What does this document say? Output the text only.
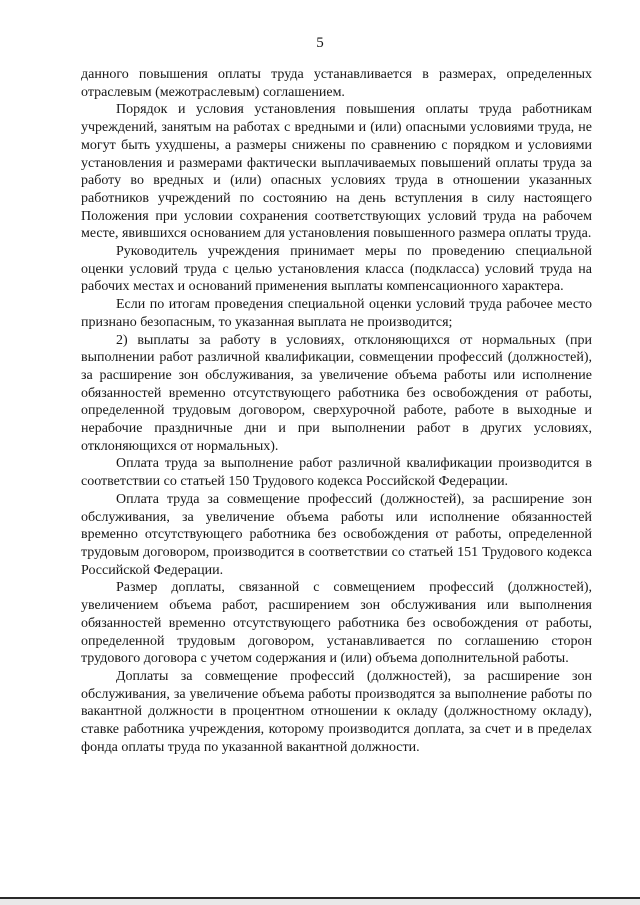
5

данного повышения оплаты труда устанавливается в размерах, определенных отраслевым (межотраслевым) соглашением.

Порядок и условия установления повышения оплаты труда работникам учреждений, занятым на работах с вредными и (или) опасными условиями труда, не могут быть ухудшены, а размеры снижены по сравнению с порядком и условиями установления и размерами фактически выплачиваемых повышений оплаты труда за работу во вредных и (или) опасных условиях труда в отношении указанных работников учреждений по состоянию на день вступления в силу настоящего Положения при условии сохранения соответствующих условий труда на рабочем месте, явившихся основанием для установления повышенного размера оплаты труда.

Руководитель учреждения принимает меры по проведению специальной оценки условий труда с целью установления класса (подкласса) условий труда на рабочих местах и оснований применения выплаты компенсационного характера.

Если по итогам проведения специальной оценки условий труда рабочее место признано безопасным, то указанная выплата не производится;

2) выплаты за работу в условиях, отклоняющихся от нормальных (при выполнении работ различной квалификации, совмещении профессий (должностей), за расширение зон обслуживания, за увеличение объема работы или исполнение обязанностей временно отсутствующего работника без освобождения от работы, определенной трудовым договором, сверхурочной работе, работе в выходные и нерабочие праздничные дни и при выполнении работ в других условиях, отклоняющихся от нормальных).

Оплата труда за выполнение работ различной квалификации производится в соответствии со статьей 150 Трудового кодекса Российской Федерации.

Оплата труда за совмещение профессий (должностей), за расширение зон обслуживания, за увеличение объема работы или исполнение обязанностей временно отсутствующего работника без освобождения от работы, определенной трудовым договором, производится в соответствии со статьей 151 Трудового кодекса Российской Федерации.

Размер доплаты, связанной с совмещением профессий (должностей), увеличением объема работ, расширением зон обслуживания или выполнения обязанностей временно отсутствующего работника без освобождения от работы, определенной трудовым договором, устанавливается по соглашению сторон трудового договора с учетом содержания и (или) объема дополнительной работы.

Доплаты за совмещение профессий (должностей), за расширение зон обслуживания, за увеличение объема работы производятся за выполнение работы по вакантной должности в процентном отношении к окладу (должностному окладу), ставке работника учреждения, которому производится доплата, за счет и в пределах фонда оплаты труда по указанной вакантной должности.
